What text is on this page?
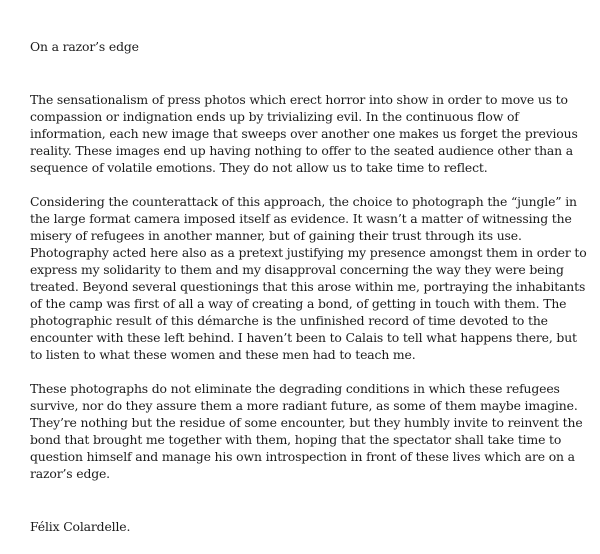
On a razor’s edge

The sensationalism of press photos which erect horror into show in order to move us to compassion or indignation ends up by trivializing evil. In the continuous flow of information, each new image that sweeps over another one makes us forget the previous reality. These images end up having nothing to offer to the seated audience other than a sequence of volatile emotions. They do not allow us to take time to reflect.

Considering the counterattack of this approach, the choice to photograph the “jungle” in the large format camera imposed itself as evidence. It wasn’t a matter of witnessing the misery of refugees in another manner, but of gaining their trust through its use. Photography acted here also as a pretext justifying my presence amongst them in order to express my solidarity to them and my disapproval concerning the way they were being treated. Beyond several questionings that this arose within me, portraying the inhabitants of the camp was first of all a way of creating a bond, of getting in touch with them. The photographic result of this démarche is the unfinished record of time devoted to the encounter with these left behind. I haven’t been to Calais to tell what happens there, but to listen to what these women and these men had to teach me.

These photographs do not eliminate the degrading conditions in which these refugees survive, nor do they assure them a more radiant future, as some of them maybe imagine. They’re nothing but the residue of some encounter, but they humbly invite to reinvent the bond that brought me together with them, hoping that the spectator shall take time to question himself and manage his own introspection in front of these lives which are on a razor’s edge.

Félix Colardelle.
